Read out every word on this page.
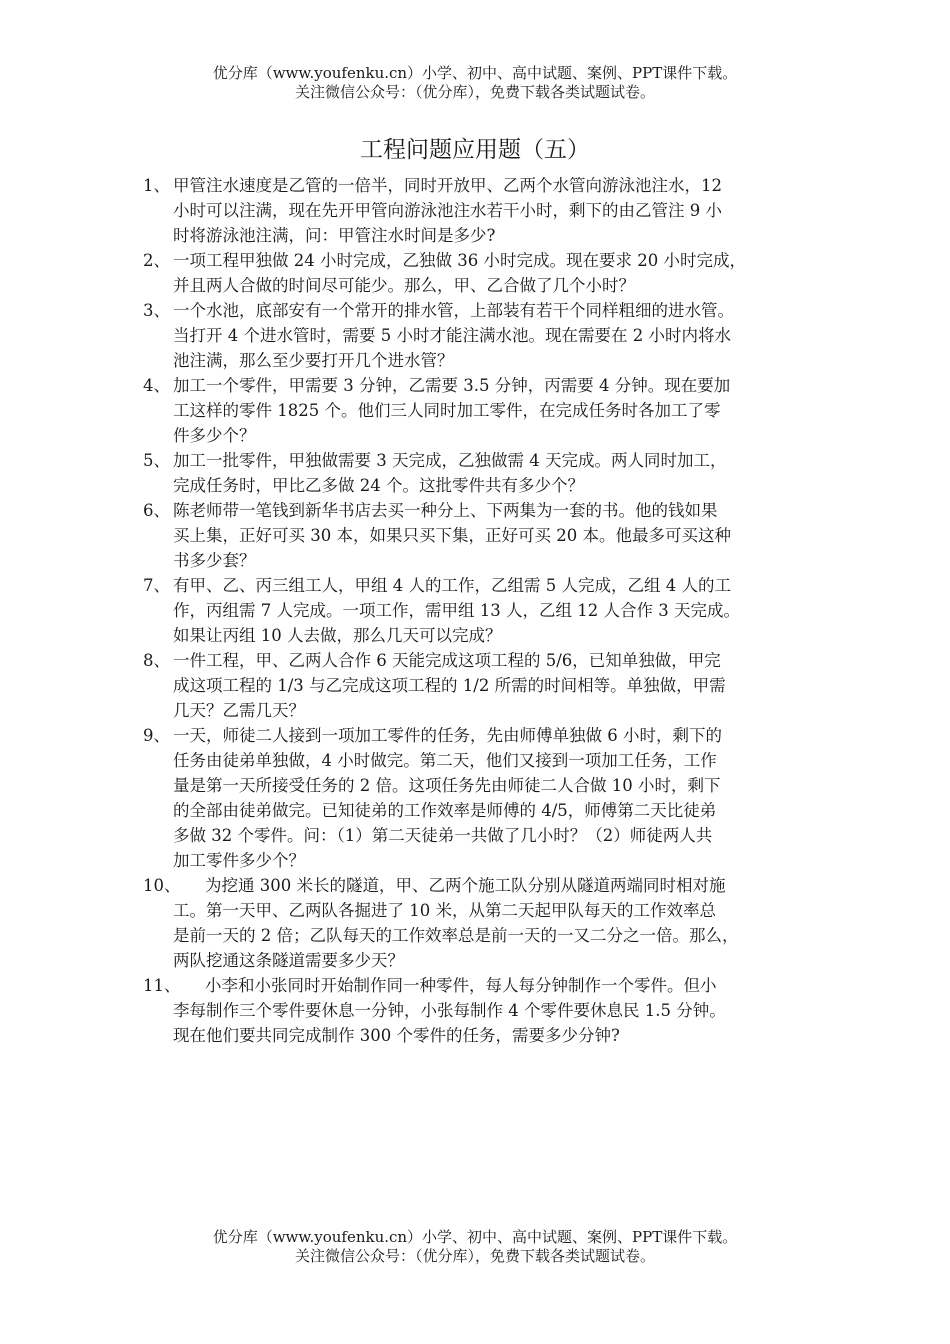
优分库（www.youfenku.cn）小学、初中、高中试题、案例、PPT课件下载。
关注微信公众号：（优分库），免费下载各类试题试卷。
工程问题应用题（五）
1、 甲管注水速度是乙管的一倍半，同时开放甲、乙两个水管向游泳池注水，12
小时可以注满，现在先开甲管向游泳池注水若干小时，剩下的由乙管注 9 小
时将游泳池注满，问：甲管注水时间是多少?
2、 一项工程甲独做 24 小时完成，乙独做 36 小时完成。现在要求 20 小时完成，
并且两人合做的时间尽可能少。那么，甲、乙合做了几个小时？
3、 一个水池，底部安有一个常开的排水管，上部装有若干个同样粗细的进水管。
当打开 4 个进水管时，需要 5 小时才能注满水池。现在需要在 2 小时内将水
池注满，那么至少要打开几个进水管？
4、 加工一个零件，甲需要 3 分钟，乙需要 3.5 分钟，丙需要 4 分钟。现在要加
工这样的零件 1825 个。他们三人同时加工零件，在完成任务时各加工了零
件多少个？
5、 加工一批零件，甲独做需要 3 天完成，乙独做需 4 天完成。两人同时加工，
完成任务时，甲比乙多做 24 个。这批零件共有多少个？
6、 陈老师带一笔钱到新华书店去买一种分上、下两集为一套的书。他的钱如果
买上集，正好可买 30 本，如果只买下集，正好可买 20 本。他最多可买这种
书多少套？
7、 有甲、乙、丙三组工人，甲组 4 人的工作，乙组需 5 人完成，乙组 4 人的工
作，丙组需 7 人完成。一项工作，需甲组 13 人，乙组 12 人合作 3 天完成。
如果让丙组 10 人去做，那么几天可以完成？
8、 一件工程，甲、乙两人合作 6 天能完成这项工程的 5/6，已知单独做，甲完
成这项工程的 1/3 与乙完成这项工程的 1/2 所需的时间相等。单独做，甲需
几天？乙需几天？
9、 一天，师徒二人接到一项加工零件的任务，先由师傅单独做 6 小时，剩下的
任务由徒弟单独做，4 小时做完。第二天，他们又接到一项加工任务，工作
量是第一天所接受任务的 2 倍。这项任务先由师徒二人合做 10 小时，剩下
的全部由徒弟做完。已知徒弟的工作效率是师傅的 4/5，师傅第二天比徒弟
多做 32 个零件。问：（1）第二天徒弟一共做了几小时？（2）师徒两人共
加工零件多少个？
10、	为挖通 300 米长的隧道，甲、乙两个施工队分别从隧道两端同时相对施
工。第一天甲、乙两队各掘进了 10 米，从第二天起甲队每天的工作效率总
是前一天的 2 倍；乙队每天的工作效率总是前一天的一又二分之一倍。那么，
两队挖通这条隧道需要多少天？
11、	小李和小张同时开始制作同一种零件，每人每分钟制作一个零件。但小
李每制作三个零件要休息一分钟，小张每制作 4 个零件要休息民 1.5 分钟。
现在他们要共同完成制作 300 个零件的任务，需要多少分钟?
优分库（www.youfenku.cn）小学、初中、高中试题、案例、PPT课件下载。
关注微信公众号：（优分库），免费下载各类试题试卷。
